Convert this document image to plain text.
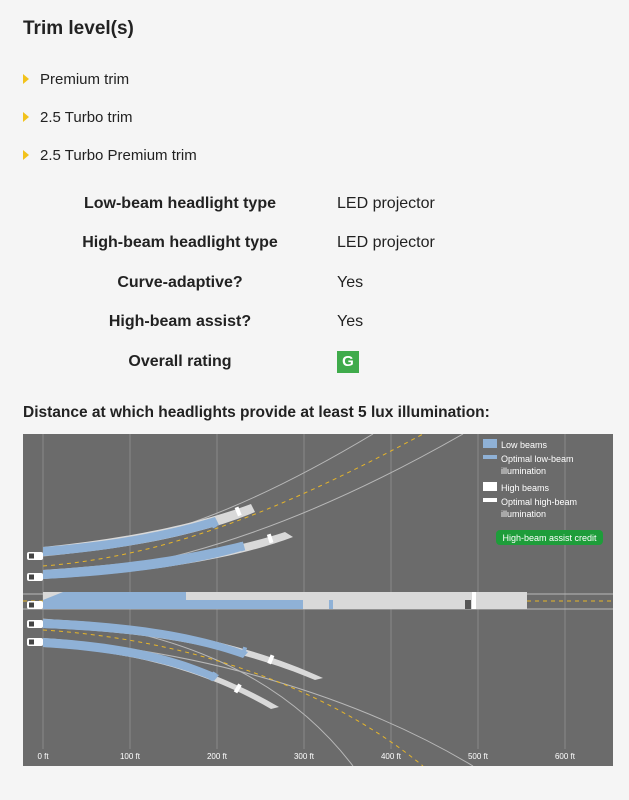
Trim level(s)
Premium trim
2.5 Turbo trim
2.5 Turbo Premium trim
Low-beam headlight type	LED projector
High-beam headlight type	LED projector
Curve-adaptive?	Yes
High-beam assist?	Yes
Overall rating	G
Distance at which headlights provide at least 5 lux illumination:
0 ft	100 ft	200 ft	300 ft	400 ft	500 ft	600 ft
Low beams
Optimal low-beam illumination
High beams
Optimal high-beam illumination
High-beam assist credit
